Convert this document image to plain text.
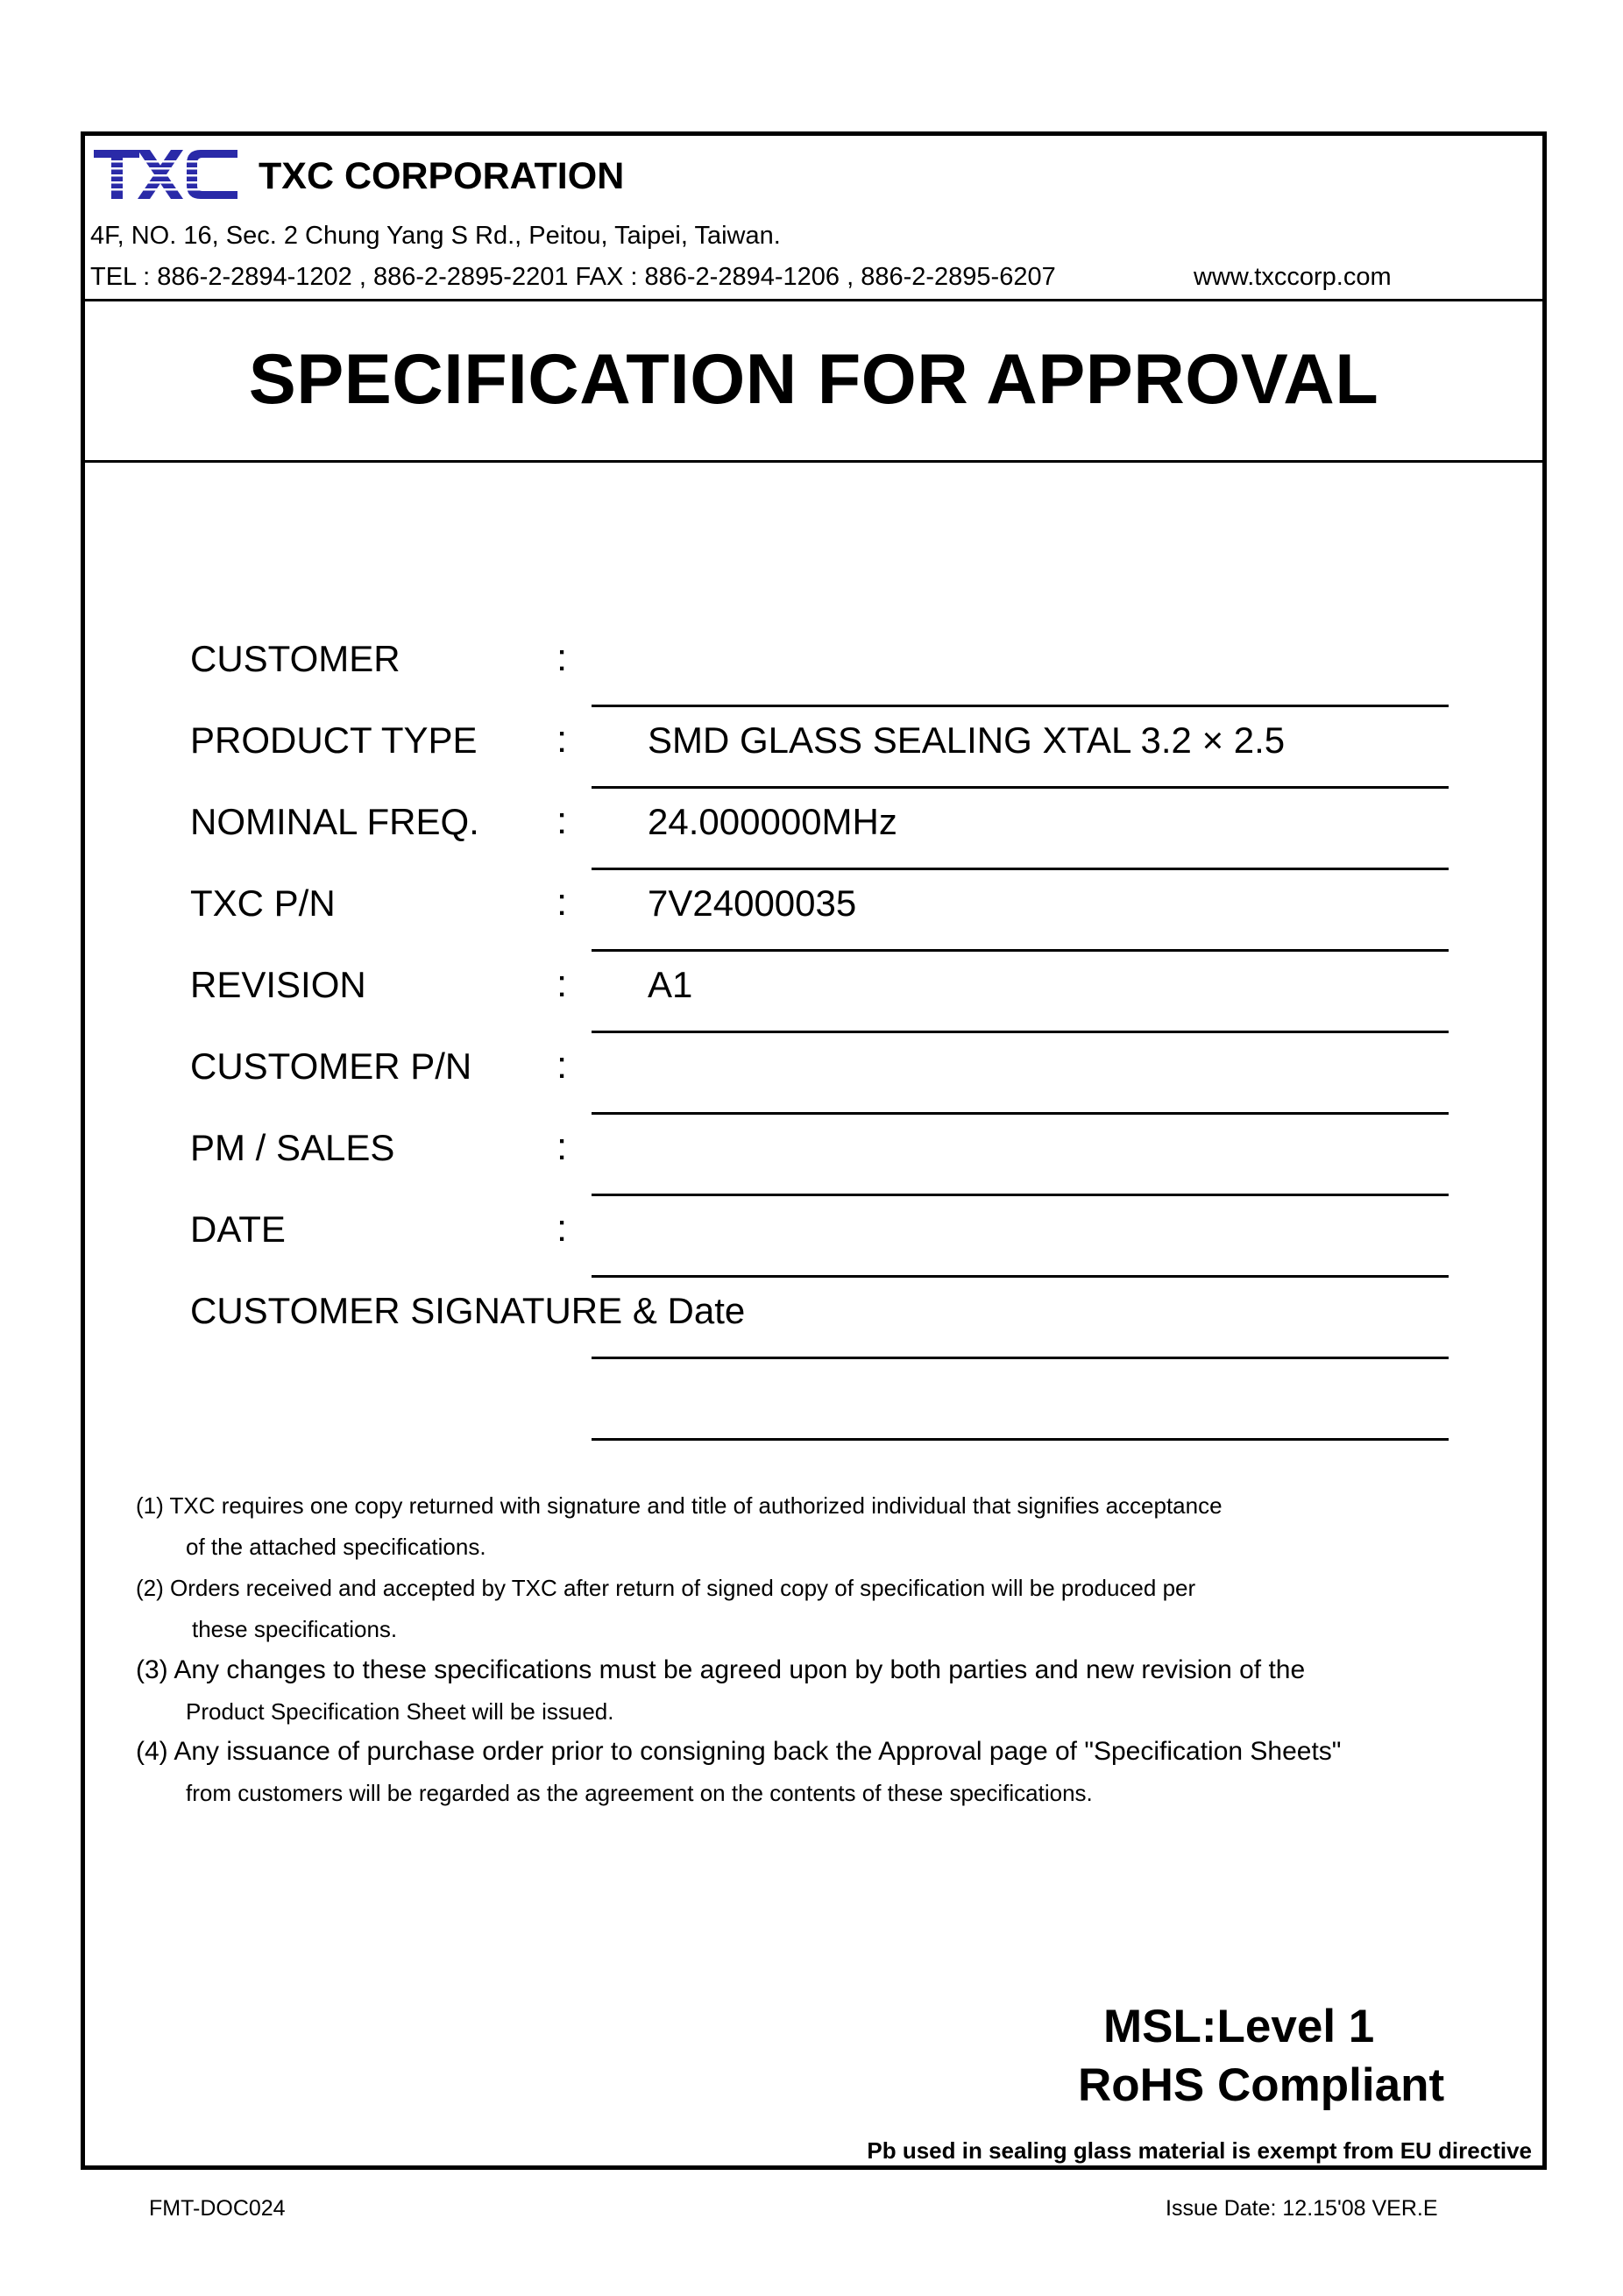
TXC CORPORATION
4F, NO. 16, Sec. 2 Chung Yang S Rd., Peitou, Taipei, Taiwan.
TEL : 886-2-2894-1202 , 886-2-2895-2201 FAX : 886-2-2894-1206 , 886-2-2895-6207	www.txccorp.com
SPECIFICATION FOR APPROVAL
CUSTOMER	:
PRODUCT TYPE : SMD GLASS SEALING XTAL 3.2 × 2.5
NOMINAL FREQ. : 24.000000MHz
TXC P/N	: 7V24000035
REVISION	: A1
CUSTOMER P/N :
PM / SALES	:
DATE	:
CUSTOMER SIGNATURE & Date
(1) TXC requires one copy returned with signature and title of authorized individual that signifies acceptance
of the attached specifications.
(2) Orders received and accepted by TXC after return of signed copy of specification will be produced per
these specifications.
(3) Any changes to these specifications must be agreed upon by both parties and new revision of the
Product Specification Sheet will be issued.
(4) Any issuance of purchase order prior to consigning back the Approval page of "Specification Sheets"
from customers will be regarded as the agreement on the contents of these specifications.
MSL:Level 1
RoHS Compliant
Pb used in sealing glass material is exempt from EU directive
FMT-DOC024	Issue Date: 12.15'08 VER.E
